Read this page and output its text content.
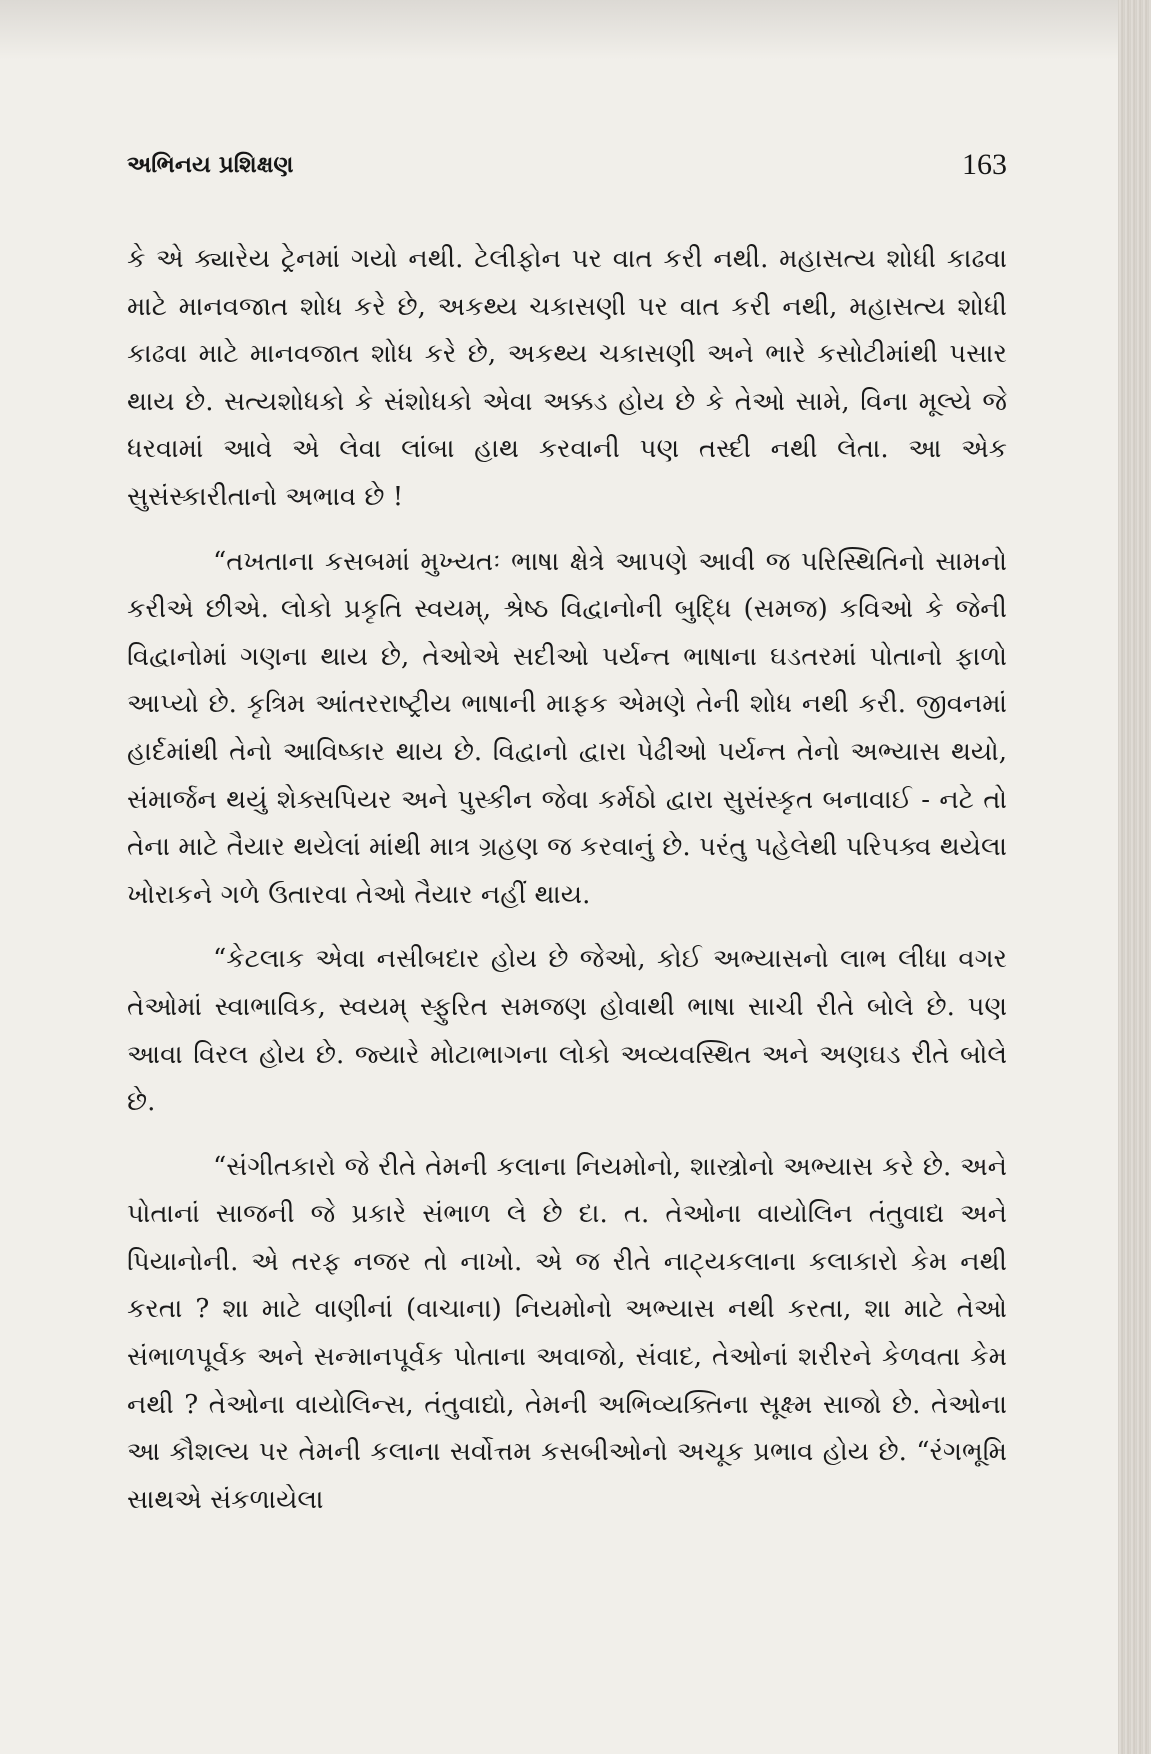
અભિનય પ્રશિક્ષણ	163

કે એ ક્યારેય ટ્રેનમાં ગયો નથી. ટેલીફોન પર વાત કરી નથી. મહાસત્ય શોધી કાઢવા માટે માનવજાત શોધ કરે છે, અકથ્ય ચકાસણી પર વાત કરી નથી, મહાસત્ય શોધી કાઢવા માટે માનવજાત શોધ કરે છે, અકથ્ય ચકાસણી અને ભારે કસોટીમાંથી પસાર થાય છે. સત્યશોધકો કે સંશોધકો એવા અક્કડ હોય છે કે તેઓ સામે, વિના મૂલ્યે જે ધરવામાં આવે એ લેવા લાંબા હાથ કરવાની પણ તસ્દી નથી લેતા. આ એક સુસંસ્કારીતાનો અભાવ છે !

“તખતાના કસબમાં મુખ્યતઃ ભાષા ક્ષેત્રે આપણે આવી જ પરિસ્થિતિનો સામનો કરીએ છીએ. લોકો પ્રકૃતિ સ્વયમ્, શ્રેષ્ઠ વિદ્વાનોની બુદ્ધિ (સમજ) કવિઓ કે જેની વિદ્વાનોમાં ગણના થાય છે, તેઓએ સદીઓ પર્યન્ત ભાષાના ઘડતરમાં પોતાનો ફાળો આપ્યો છે. કૃત્રિમ આંતરરાષ્ટ્રીય ભાષાની માફક એમણે તેની શોધ નથી કરી. જીવનમાં હાર્દમાંથી તેનો આવિષ્કાર થાય છે. વિદ્વાનો દ્વારા પેઢીઓ પર્યન્ત તેનો અભ્યાસ થયો, સંમાર્જન થયું શેક્સપિયર અને પુસ્કીન જેવા કર્મઠો દ્વારા સુસંસ્કૃત બનાવાઈ - નટે તો તેના માટે તૈયાર થયેલાં માંથી માત્ર ગ્રહણ જ કરવાનું છે. પરંતુ પહેલેથી પરિપક્વ થયેલા ખોરાકને ગળે ઉતારવા તેઓ તૈયાર નહીં થાય.

“કેટલાક એવા નસીબદાર હોય છે જેઓ, કોઈ અભ્યાસનો લાભ લીધા વગર તેઓમાં સ્વાભાવિક, સ્વયમ્ સ્ફુરિત સમજણ હોવાથી ભાષા સાચી રીતે બોલે છે. પણ આવા વિરલ હોય છે. જ્યારે મોટાભાગના લોકો અવ્યવસ્થિત અને અણઘડ રીતે બોલે છે.

“સંગીતકારો જે રીતે તેમની કલાના નિયમોનો, શાસ્ત્રોનો અભ્યાસ કરે છે. અને પોતાનાં સાજની જે પ્રકારે સંભાળ લે છે દા. ત. તેઓના વાયોલિન તંતુવાદ્ય અને પિયાનોની. એ તરફ નજર તો નાખો. એ જ રીતે નાટ્યકલાના કલાકારો કેમ નથી કરતા ? શા માટે વાણીનાં (વાચાના) નિયમોનો અભ્યાસ નથી કરતા, શા માટે તેઓ સંભાળપૂર્વક અને સન્માનપૂર્વક પોતાના અવાજો, સંવાદ, તેઓનાં શરીરને કેળવતા કેમ નથી ? તેઓના વાયોલિન્સ, તંતુવાદ્યો, તેમની અભિવ્યક્તિના સૂક્ષ્મ સાજો છે. તેઓના આ કૌશલ્ય પર તેમની કલાના સર્વોત્તમ કસબીઓનો અચૂક પ્રભાવ હોય છે. “રંગભૂમિ સાથએ સંકળાયેલા
